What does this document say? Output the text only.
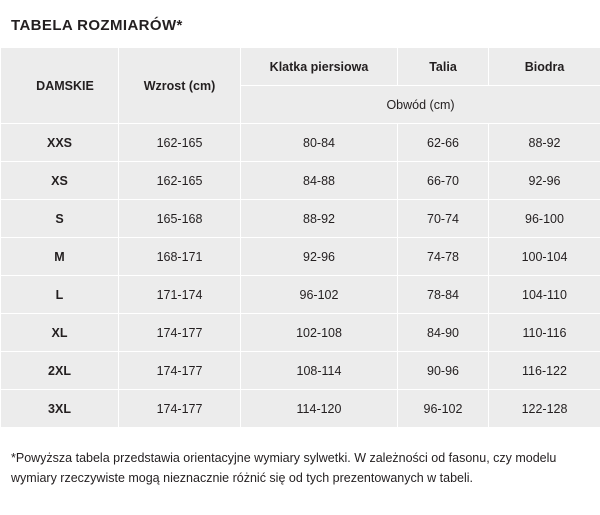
TABELA ROZMIARÓW*
DAMSKIE	Wzrost (cm)	Klatka piersiowa	Talia	Biodra
		Obwód (cm)		
XXS	162-165	80-84	62-66	88-92
XS	162-165	84-88	66-70	92-96
S	165-168	88-92	70-74	96-100
M	168-171	92-96	74-78	100-104
L	171-174	96-102	78-84	104-110
XL	174-177	102-108	84-90	110-116
2XL	174-177	108-114	90-96	116-122
3XL	174-177	114-120	96-102	122-128
*Powyższa tabela przedstawia orientacyjne wymiary sylwetki. W zależności od fasonu, czy modelu wymiary rzeczywiste mogą nieznacznie różnić się od tych prezentowanych w tabeli.
